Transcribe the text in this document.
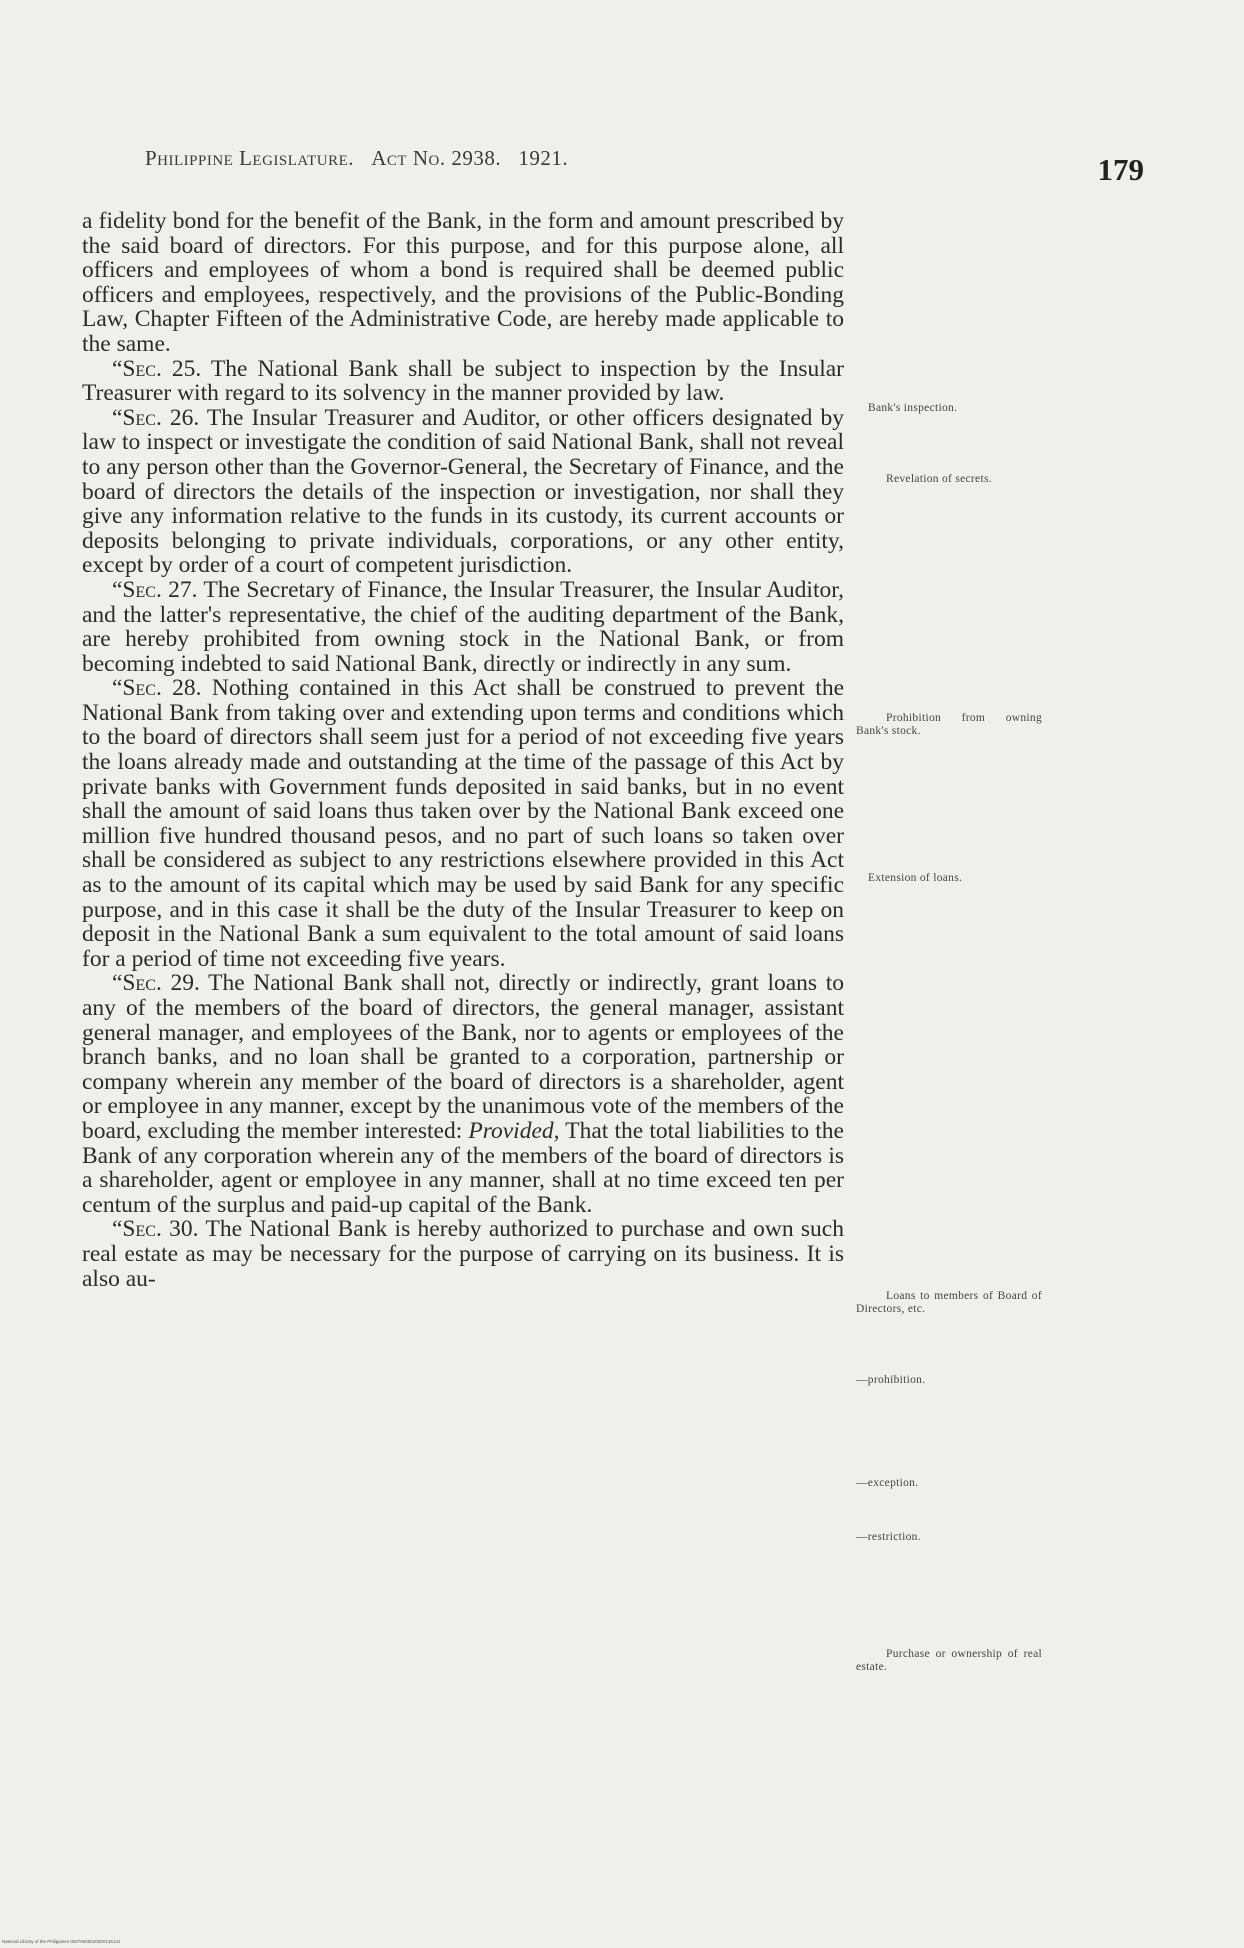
Philippine Legislature. Act No. 2938. 1921.	179

a fidelity bond for the benefit of the Bank, in the form and amount prescribed by the said board of directors. For this purpose, and for this purpose alone, all officers and employees of whom a bond is required shall be deemed public officers and employees, respectively, and the provisions of the Public-Bonding Law, Chapter Fifteen of the Administrative Code, are hereby made applicable to the same.

“Sec. 25. The National Bank shall be subject to inspection by the Insular Treasurer with regard to its solvency in the manner provided by law.

“Sec. 26. The Insular Treasurer and Auditor, or other officers designated by law to inspect or investigate the condition of said National Bank, shall not reveal to any person other than the Governor-General, the Secretary of Finance, and the board of directors the details of the inspection or investigation, nor shall they give any information relative to the funds in its custody, its current accounts or deposits belonging to private individuals, corporations, or any other entity, except by order of a court of competent jurisdiction.

“Sec. 27. The Secretary of Finance, the Insular Treasurer, the Insular Auditor, and the latter's representative, the chief of the auditing department of the Bank, are hereby prohibited from owning stock in the National Bank, or from becoming indebted to said National Bank, directly or indirectly in any sum.

“Sec. 28. Nothing contained in this Act shall be construed to prevent the National Bank from taking over and extending upon terms and conditions which to the board of directors shall seem just for a period of not exceeding five years the loans already made and outstanding at the time of the passage of this Act by private banks with Government funds deposited in said banks, but in no event shall the amount of said loans thus taken over by the National Bank exceed one million five hundred thousand pesos, and no part of such loans so taken over shall be considered as subject to any restrictions elsewhere provided in this Act as to the amount of its capital which may be used by said Bank for any specific purpose, and in this case it shall be the duty of the Insular Treasurer to keep on deposit in the National Bank a sum equivalent to the total amount of said loans for a period of time not exceeding five years.

“Sec. 29. The National Bank shall not, directly or indirectly, grant loans to any of the members of the board of directors, the general manager, assistant general manager, and employees of the Bank, nor to agents or employees of the branch banks, and no loan shall be granted to a corporation, partnership or company wherein any member of the board of directors is a shareholder, agent or employee in any manner, except by the unanimous vote of the members of the board, excluding the member interested: Provided, That the total liabilities to the Bank of any corporation wherein any of the members of the board of directors is a shareholder, agent or employee in any manner, shall at no time exceed ten per centum of the surplus and paid-up capital of the Bank.

“Sec. 30. The National Bank is hereby authorized to purchase and own such real estate as may be necessary for the purpose of carrying on its business. It is also au-

Bank's inspection.
Revelation of secrets.
Prohibition from owning Bank's stock.
Extension of loans.
Loans to members of Board of Directors, etc.
—prohibition.
—exception.
—restriction.
Purchase or ownership of real estate.
National Library of the Philippines 00279000040000135131
